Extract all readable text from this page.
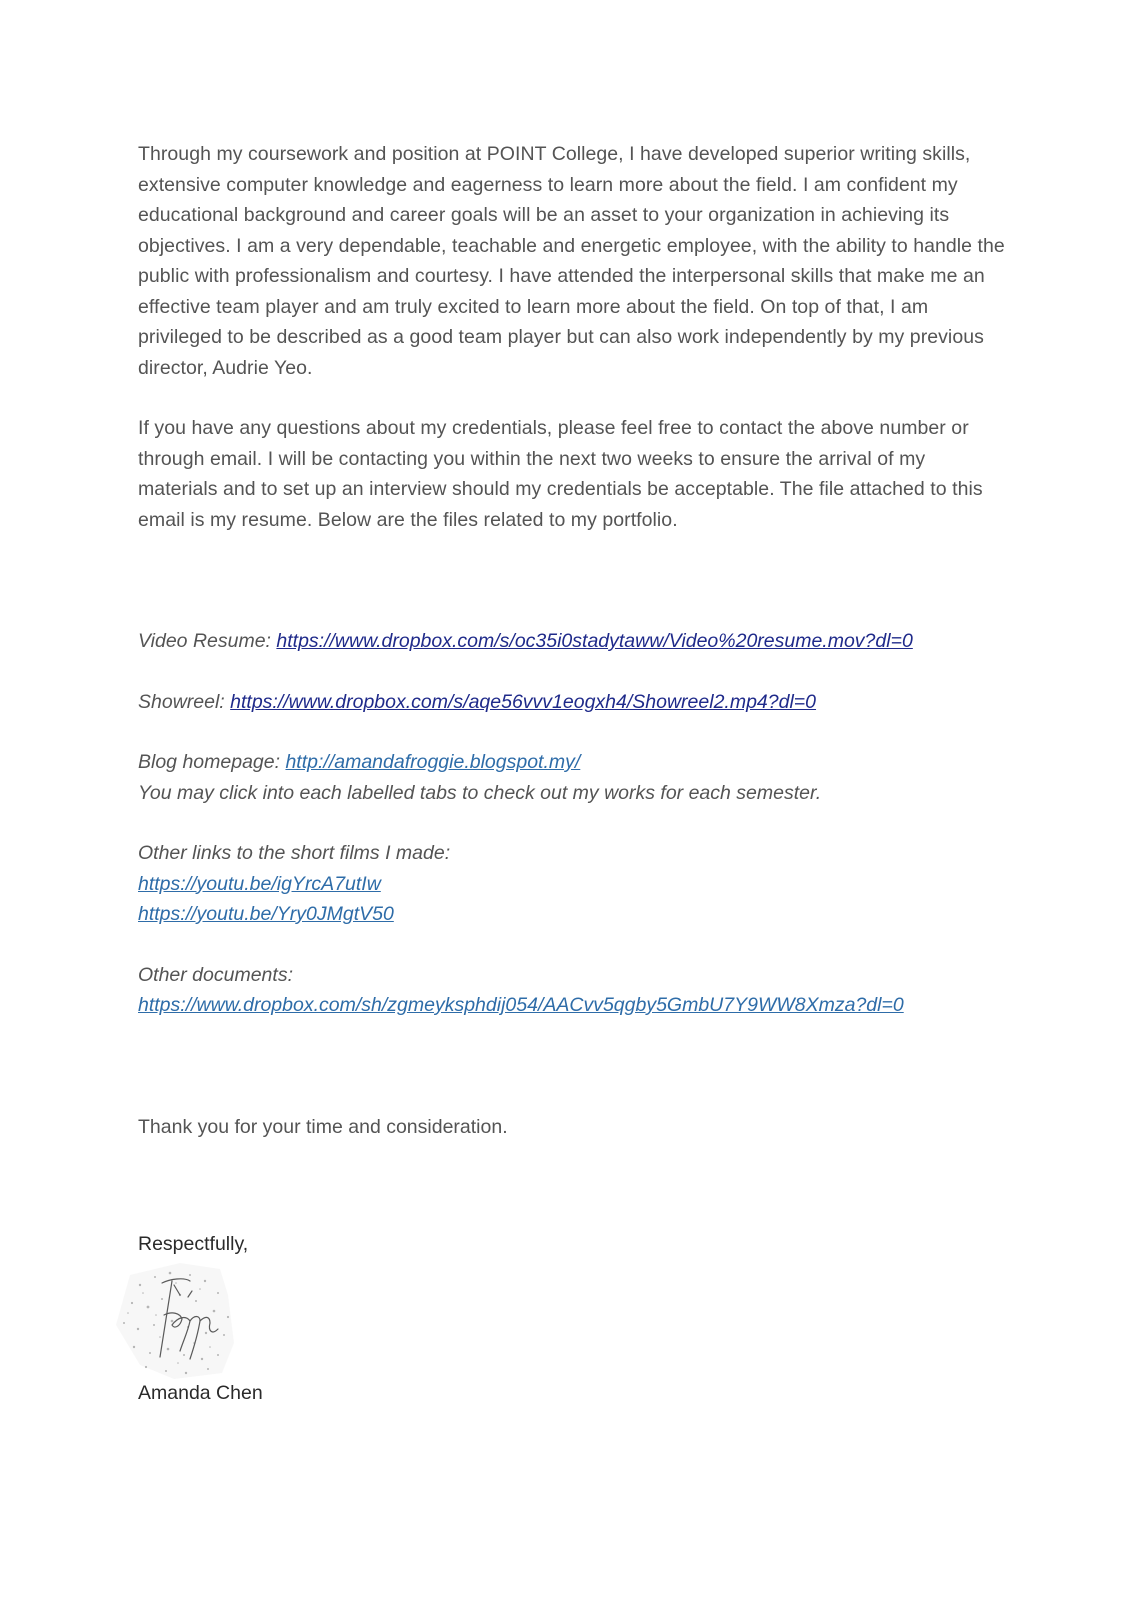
Through my coursework and position at POINT College, I have developed superior writing skills, extensive computer knowledge and eagerness to learn more about the field. I am confident my educational background and career goals will be an asset to your organization in achieving its objectives. I am a very dependable, teachable and energetic employee, with the ability to handle the public with professionalism and courtesy. I have attended the interpersonal skills that make me an effective team player and am truly excited to learn more about the field. On top of that, I am privileged to be described as a good team player but can also work independently by my previous director, Audrie Yeo.

If you have any questions about my credentials, please feel free to contact the above number or through email. I will be contacting you within the next two weeks to ensure the arrival of my materials and to set up an interview should my credentials be acceptable. The file attached to this email is my resume. Below are the files related to my portfolio.

Video Resume: https://www.dropbox.com/s/oc35i0stadytaww/Video%20resume.mov?dl=0

Showreel: https://www.dropbox.com/s/aqe56vvv1eogxh4/Showreel2.mp4?dl=0

Blog homepage: http://amandafroggie.blogspot.my/

You may click into each labelled tabs to check out my works for each semester.

Other links to the short films I made:

https://youtu.be/igYrcA7utIw

https://youtu.be/Yry0JMgtV50

Other documents:

https://www.dropbox.com/sh/zgmeyksphdij054/AACvv5qgby5GmbU7Y9WW8Xmza?dl=0

Thank you for your time and consideration.

Respectfully,

Amanda Chen
